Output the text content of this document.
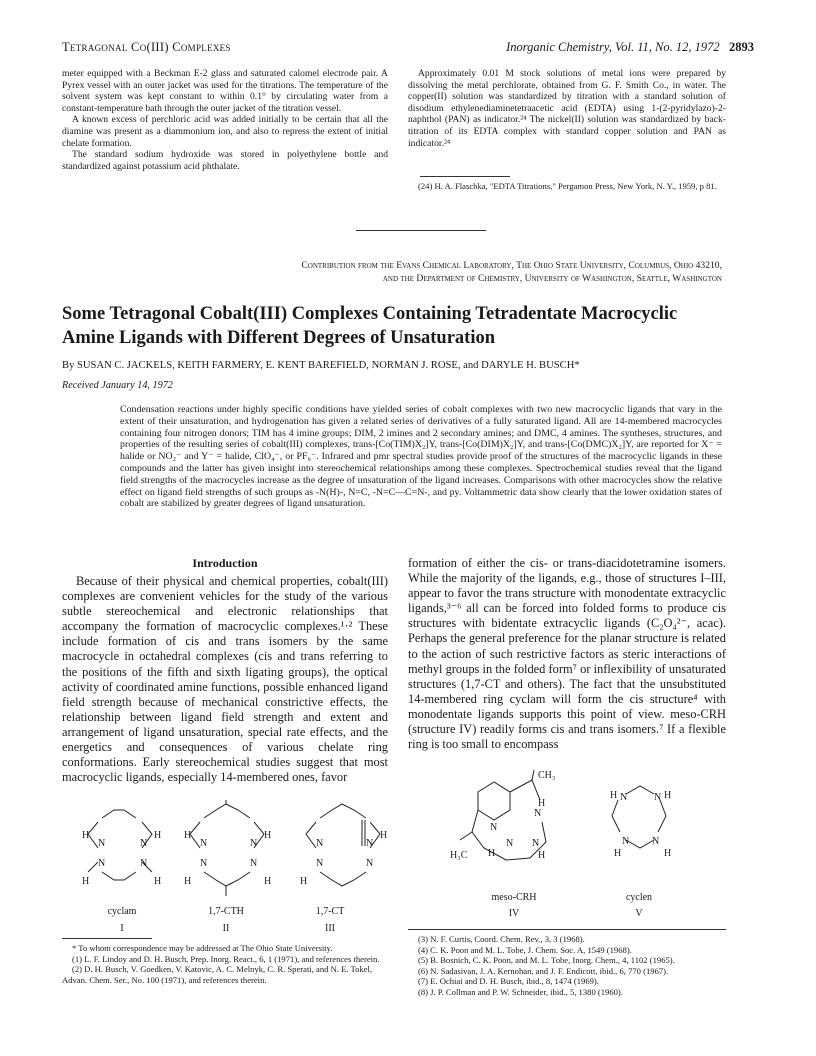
Tetragonal Co(III) Complexes	Inorganic Chemistry, Vol. 11, No. 12, 1972 2893

meter equipped with a Beckman E-2 glass and saturated calomel electrode pair. A Pyrex vessel with an outer jacket was used for the titrations. The temperature of the solvent system was kept constant to within 0.1° by circulating water from a constant-temperature bath through the outer jacket of the titration vessel.

A known excess of perchloric acid was added initially to be certain that all the diamine was present as a diammonium ion, and also to repress the extent of initial chelate formation.

The standard sodium hydroxide was stored in polyethylene bottle and standardized against potassium acid phthalate.

Approximately 0.01 M stock solutions of metal ions were prepared by dissolving the metal perchlorate, obtained from G. F. Smith Co., in water. The copper(II) solution was standardized by titration with a standard solution of disodium ethylenediaminetetraacetic acid (EDTA) using 1-(2-pyridylazo)-2-naphthol (PAN) as indicator.²⁴ The nickel(II) solution was standardized by back-titration of its EDTA complex with standard copper solution and PAN as indicator.²⁴

(24) H. A. Flaschka, "EDTA Titrations," Pergamon Press, New York, N. Y., 1959, p 81.
Contribution from the Evans Chemical Laboratory, The Ohio State University, Columbus, Ohio 43210,
and the Department of Chemistry, University of Washington, Seattle, Washington
Some Tetragonal Cobalt(III) Complexes Containing Tetradentate Macrocyclic
Amine Ligands with Different Degrees of Unsaturation
By SUSAN C. JACKELS, KEITH FARMERY, E. KENT BAREFIELD, NORMAN J. ROSE, and DARYLE H. BUSCH*
Received January 14, 1972
Condensation reactions under highly specific conditions have yielded series of cobalt complexes with two new macrocyclic ligands that vary in the extent of their unsaturation, and hydrogenation has given a related series of derivatives of a fully saturated ligand. All are 14-membered macrocycles containing four nitrogen donors; TIM has 4 imine groups; DIM, 2 imines and 2 secondary amines; and DMC, 4 amines. The syntheses, structures, and properties of the resulting series of cobalt(III) complexes, trans-[Co(TIM)X₂]Y, trans-[Co(DIM)X₂]Y, and trans-[Co(DMC)X₂]Y, are reported for X⁻ = halide or NO₂⁻ and Y⁻ = halide, ClO₄⁻, or PF₆⁻. Infrared and pmr spectral studies provide proof of the structures of the macrocyclic ligands in these compounds and the latter has given insight into stereochemical relationships among these complexes. Spectrochemical studies reveal that the ligand field strengths of the macrocycles increase as the degree of unsaturation of the ligand increases. Comparisons with other macrocycles show the relative effect on ligand field strengths of such groups as -N(H)-, N=C, -N=C—C=N-, and py. Voltammetric data show clearly that the lower oxidation states of cobalt are stabilized by greater degrees of ligand unsaturation.
Introduction

Because of their physical and chemical properties, cobalt(III) complexes are convenient vehicles for the study of the various subtle stereochemical and electronic relationships that accompany the formation of macrocyclic complexes.¹·² These include formation of cis and trans isomers by the same macrocycle in octahedral complexes (cis and trans referring to the positions of the fifth and sixth ligating groups), the optical activity of coordinated amine functions, possible enhanced ligand field strength because of mechanical constrictive effects, the relationship between ligand field strength and extent and arrangement of ligand unsaturation, special rate effects, and the energetics and consequences of various chelate ring conformations. Early stereochemical studies suggest that most macrocyclic ligands, especially 14-membered ones, favor

formation of either the cis- or trans-diacidotetramine isomers. While the majority of the ligands, e.g., those of structures I–III, appear to favor the trans structure with monodentate extracyclic ligands,³⁻⁶ all can be forced into folded forms to produce cis structures with bidentate extracyclic ligands (C₂O₄²⁻, acac). Perhaps the general preference for the planar structure is related to the action of such restrictive factors as steric interactions of methyl groups in the folded form⁷ or inflexibility of unsaturated structures (1,7-CT and others). The fact that the unsubstituted 14-membered ring cyclam will form the cis structure⁴ with monodentate ligands supports this point of view. meso-CRH (structure IV) readily forms cis and trans isomers.⁷ If a flexible ring is too small to encompass

N	N
N	N
H	H
H	H
N	N
N	N
H	H
H	H
N	N
N	N
H
H
cyclam
I
1,7-CTH
II
1,7-CT
III
CH₃
N
N
H
N N
H₃C H	H
H N	N H
N N
H	H
meso-CRH
IV
cyclen
V
* To whom correspondence may be addressed at The Ohio State University.
(1) L. F. Lindoy and D. H. Busch, Prep. Inorg. React., 6, 1 (1971), and references therein.
(2) D. H. Busch, V. Goedken, V. Katovic, A. C. Melnyk, C. R. Sperati, and N. E. Tokel, Advan. Chem. Ser., No. 100 (1971), and references therein.
(3) N. F. Curtis, Coord. Chem. Rev., 3, 3 (1968).
(4) C. K. Poon and M. L. Tobe, J. Chem. Soc. A, 1549 (1968).
(5) B. Bosnich, C. K. Poon, and M. L. Tobe, Inorg. Chem., 4, 1102 (1965).
(6) N. Sadasivan, J. A. Kernohan, and J. F. Endicott, ibid., 6, 770 (1967).
(7) E. Ochiai and D. H. Busch, ibid., 8, 1474 (1969).
(8) J. P. Collman and P. W. Schneider, ibid., 5, 1380 (1960).
